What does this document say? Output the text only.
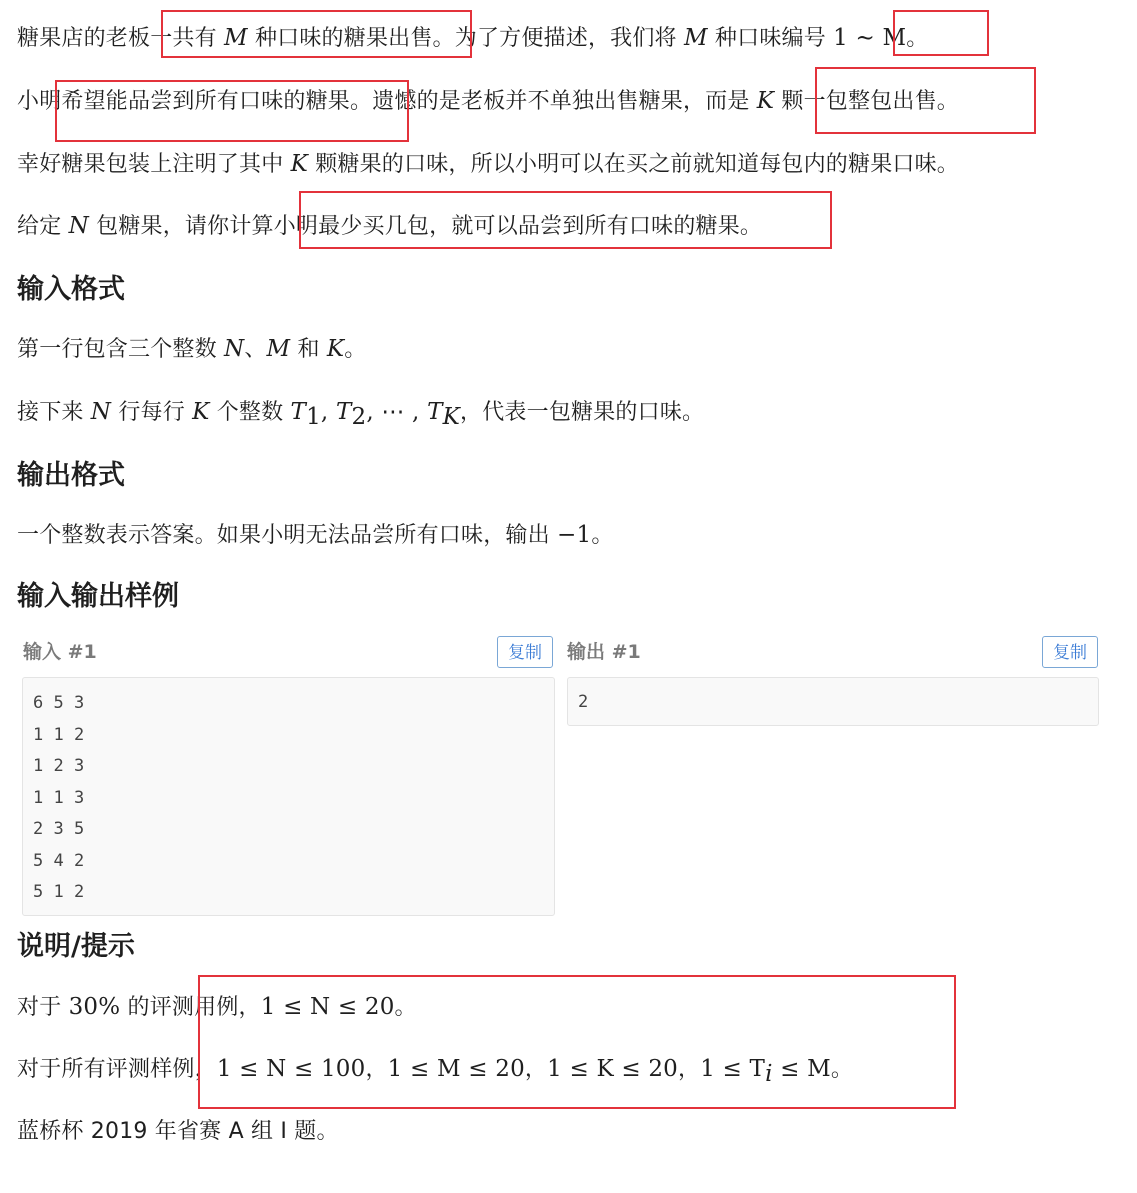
糖果店的老板一共有 M 种口味的糖果出售。为了方便描述，我们将 M 种口味编号 1 ∼ M。

小明希望能品尝到所有口味的糖果。遗憾的是老板并不单独出售糖果，而是 K 颗一包整包出售。

幸好糖果包装上注明了其中 K 颗糖果的口味，所以小明可以在买之前就知道每包内的糖果口味。

给定 N 包糖果，请你计算小明最少买几包，就可以品尝到所有口味的糖果。

输入格式

第一行包含三个整数 N、M 和 K。

接下来 N 行每行 K 个整数 $T_1$, $T_2$, ⋯ , $T_K$，代表一包糖果的口味。

输出格式

一个整数表示答案。如果小明无法品尝所有口味，输出 −1。

输入输出样例
输入 #1	复制	输出 #1	复制
6 5 3
1 1 2
1 2 3
1 1 3
2 3 5
5 4 2
5 1 2
2
说明/提示

对于 30% 的评测用例，1 ≤ N ≤ 20。

对于所有评测样例，1 ≤ N ≤ 100，1 ≤ M ≤ 20，1 ≤ K ≤ 20，$1 \le T_i \le M$。

蓝桥杯 2019 年省赛 A 组 I 题。
